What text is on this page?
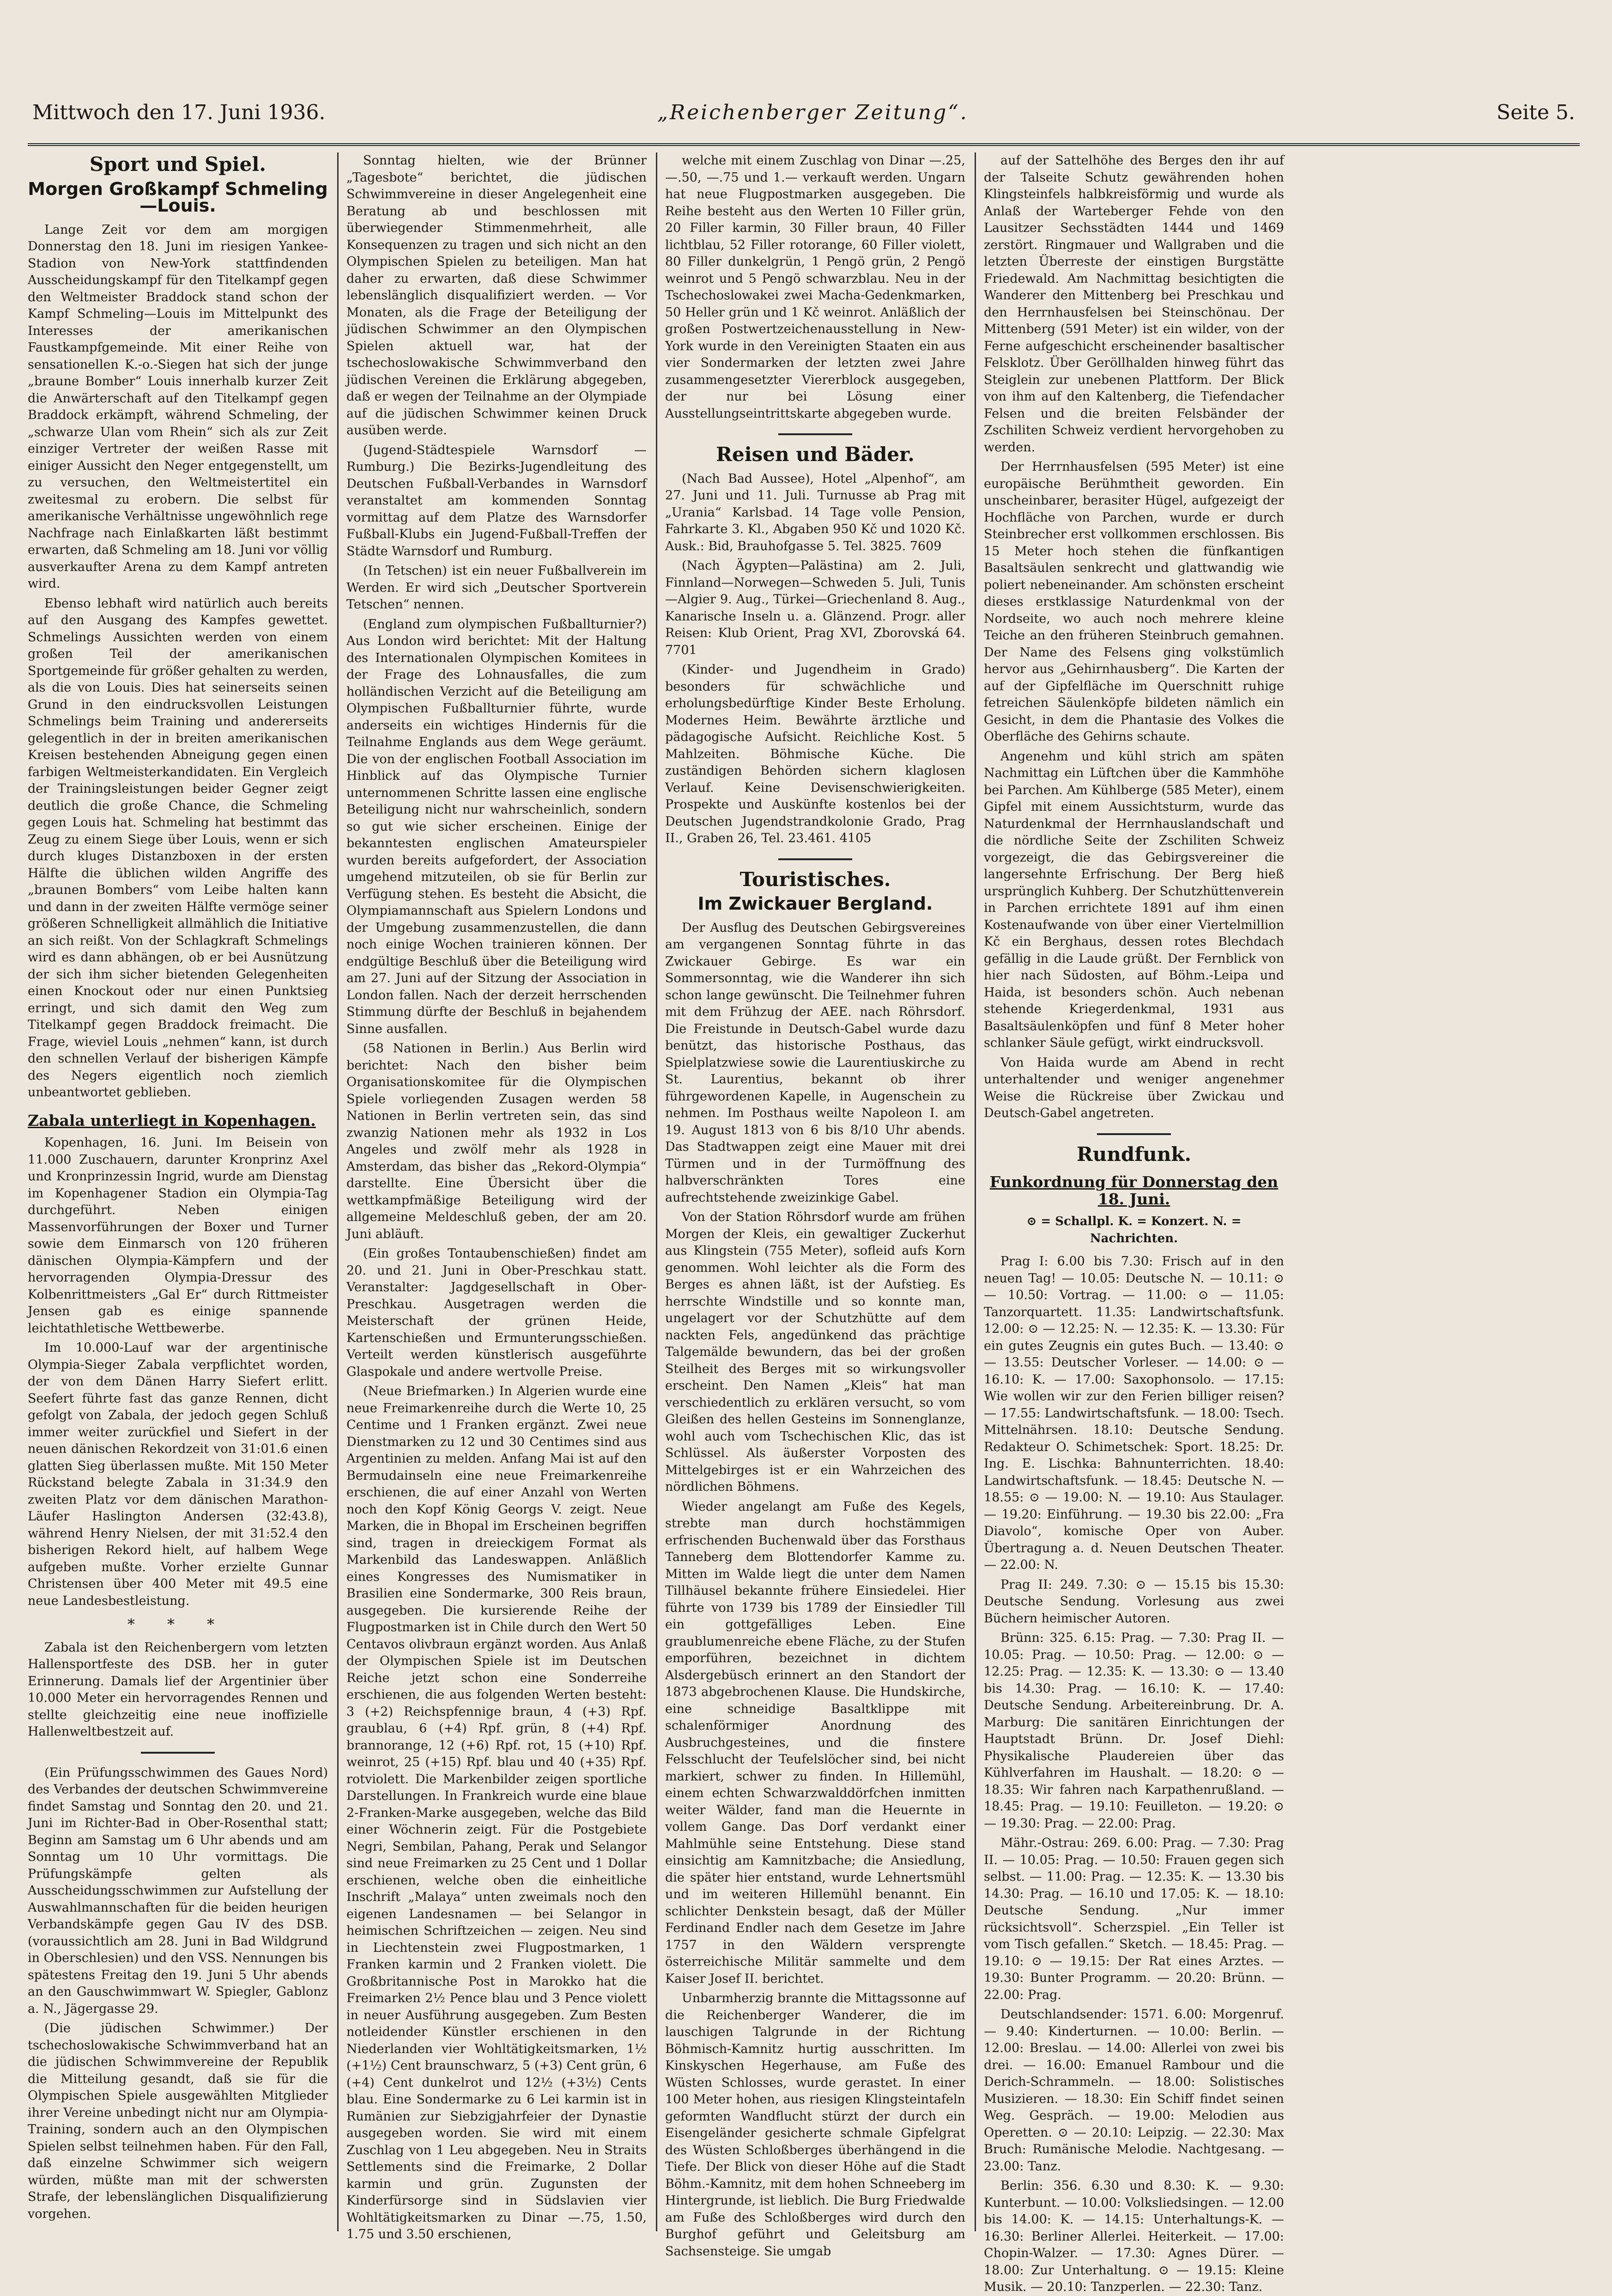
Mittwoch den 17. Juni 1936.	„Reichenberger Zeitung“.	Seite 5.
Sport und Spiel.
Morgen Großkampf Schmeling—Louis.

Lange Zeit vor dem am morgigen Donnerstag den 18. Juni im riesigen Yankee-Stadion von New-York stattfindenden Ausscheidungskampf für den Titelkampf gegen den Weltmeister Braddock stand schon der Kampf Schmeling—Louis im Mittelpunkt des Interesses der amerikanischen Faustkampfgemeinde. Mit einer Reihe von sensationellen K.-o.-Siegen hat sich der junge „braune Bomber“ Louis innerhalb kurzer Zeit die Anwärterschaft auf den Titelkampf gegen Braddock erkämpft, während Schmeling, der „schwarze Ulan vom Rhein“ sich als zur Zeit einziger Vertreter der weißen Rasse mit einiger Aussicht den Neger entgegenstellt, um zu versuchen, den Weltmeistertitel ein zweitesmal zu erobern. Die selbst für amerikanische Verhältnisse ungewöhnlich rege Nachfrage nach Einlaßkarten läßt bestimmt erwarten, daß Schmeling am 18. Juni vor völlig ausverkaufter Arena zu dem Kampf antreten wird.

Ebenso lebhaft wird natürlich auch bereits auf den Ausgang des Kampfes gewettet. Schmelings Aussichten werden von einem großen Teil der amerikanischen Sportgemeinde für größer gehalten zu werden, als die von Louis. Dies hat seinerseits seinen Grund in den eindrucksvollen Leistungen Schmelings beim Training und andererseits gelegentlich in der in breiten amerikanischen Kreisen bestehenden Abneigung gegen einen farbigen Weltmeisterkandidaten. Ein Vergleich der Trainingsleistungen beider Gegner zeigt deutlich die große Chance, die Schmeling gegen Louis hat. Schmeling hat bestimmt das Zeug zu einem Siege über Louis, wenn er sich durch kluges Distanzboxen in der ersten Hälfte die üblichen wilden Angriffe des „braunen Bombers“ vom Leibe halten kann und dann in der zweiten Hälfte vermöge seiner größeren Schnelligkeit allmählich die Initiative an sich reißt. Von der Schlagkraft Schmelings wird es dann abhängen, ob er bei Ausnützung der sich ihm sicher bietenden Gelegenheiten einen Knockout oder nur einen Punktsieg erringt, und sich damit den Weg zum Titelkampf gegen Braddock freimacht. Die Frage, wieviel Louis „nehmen“ kann, ist durch den schnellen Verlauf der bisherigen Kämpfe des Negers eigentlich noch ziemlich unbeantwortet geblieben.

Zabala unterliegt in Kopenhagen.

Kopenhagen, 16. Juni. Im Beisein von 11.000 Zuschauern, darunter Kronprinz Axel und Kronprinzessin Ingrid, wurde am Dienstag im Kopenhagener Stadion ein Olympia-Tag durchgeführt. Neben einigen Massenvorführungen der Boxer und Turner sowie dem Einmarsch von 120 früheren dänischen Olympia-Kämpfern und der hervorragenden Olympia-Dressur des Kolbenrittmeisters „Gal Er“ durch Rittmeister Jensen gab es einige spannende leichtathletische Wettbewerbe.

Im 10.000-Lauf war der argentinische Olympia-Sieger Zabala verpflichtet worden, der von dem Dänen Harry Siefert erlitt. Seefert führte fast das ganze Rennen, dicht gefolgt von Zabala, der jedoch gegen Schluß immer weiter zurückfiel und Siefert in der neuen dänischen Rekordzeit von 31:01.6 einen glatten Sieg überlassen mußte. Mit 150 Meter Rückstand belegte Zabala in 31:34.9 den zweiten Platz vor dem dänischen Marathon-Läufer Haslington Andersen (32:43.8), während Henry Nielsen, der mit 31:52.4 den bisherigen Rekord hielt, auf halbem Wege aufgeben mußte. Vorher erzielte Gunnar Christensen über 400 Meter mit 49.5 eine neue Landesbestleistung.

* * *

Zabala ist den Reichenbergern vom letzten Hallensportfeste des DSB. her in guter Erinnerung. Damals lief der Argentinier über 10.000 Meter ein hervorragendes Rennen und stellte gleichzeitig eine neue inoffizielle Hallenweltbestzeit auf.

(Ein Prüfungsschwimmen des Gaues Nord) des Verbandes der deutschen Schwimmvereine findet Samstag und Sonntag den 20. und 21. Juni im Richter-Bad in Ober-Rosenthal statt; Beginn am Samstag um 6 Uhr abends und am Sonntag um 10 Uhr vormittags. Die Prüfungskämpfe gelten als Ausscheidungsschwimmen zur Aufstellung der Auswahlmannschaften für die beiden heurigen Verbandskämpfe gegen Gau IV des DSB. (voraussichtlich am 28. Juni in Bad Wildgrund in Oberschlesien) und den VSS. Nennungen bis spätestens Freitag den 19. Juni 5 Uhr abends an den Gauschwimmwart W. Spiegler, Gablonz a. N., Jägergasse 29.

(Die jüdischen Schwimmer.) Der tschechoslowakische Schwimmverband hat an die jüdischen Schwimmvereine der Republik die Mitteilung gesandt, daß sie für die Olympischen Spiele ausgewählten Mitglieder ihrer Vereine unbedingt nicht nur am Olympia-Training, sondern auch an den Olympischen Spielen selbst teilnehmen haben. Für den Fall, daß einzelne Schwimmer sich weigern würden, müßte man mit der schwersten Strafe, der lebenslänglichen Disqualifizierung vorgehen.

Sonntag hielten, wie der Brünner „Tagesbote“ berichtet, die jüdischen Schwimmvereine in dieser Angelegenheit eine Beratung ab und beschlossen mit überwiegender Stimmenmehrheit, alle Konsequenzen zu tragen und sich nicht an den Olympischen Spielen zu beteiligen. Man hat daher zu erwarten, daß diese Schwimmer lebenslänglich disqualifiziert werden. — Vor Monaten, als die Frage der Beteiligung der jüdischen Schwimmer an den Olympischen Spielen aktuell war, hat der tschechoslowakische Schwimmverband den jüdischen Vereinen die Erklärung abgegeben, daß er wegen der Teilnahme an der Olympiade auf die jüdischen Schwimmer keinen Druck ausüben werde.

(Jugend-Städtespiele Warnsdorf — Rumburg.) Die Bezirks-Jugendleitung des Deutschen Fußball-Verbandes in Warnsdorf veranstaltet am kommenden Sonntag vormittag auf dem Platze des Warnsdorfer Fußball-Klubs ein Jugend-Fußball-Treffen der Städte Warnsdorf und Rumburg.

(In Tetschen) ist ein neuer Fußballverein im Werden. Er wird sich „Deutscher Sportverein Tetschen“ nennen.

(England zum olympischen Fußballturnier?) Aus London wird berichtet: Mit der Haltung des Internationalen Olympischen Komitees in der Frage des Lohnausfalles, die zum holländischen Verzicht auf die Beteiligung am Olympischen Fußballturnier führte, wurde anderseits ein wichtiges Hindernis für die Teilnahme Englands aus dem Wege geräumt. Die von der englischen Football Association im Hinblick auf das Olympische Turnier unternommenen Schritte lassen eine englische Beteiligung nicht nur wahrscheinlich, sondern so gut wie sicher erscheinen. Einige der bekanntesten englischen Amateurspieler wurden bereits aufgefordert, der Association umgehend mitzuteilen, ob sie für Berlin zur Verfügung stehen. Es besteht die Absicht, die Olympiamannschaft aus Spielern Londons und der Umgebung zusammenzustellen, die dann noch einige Wochen trainieren können. Der endgültige Beschluß über die Beteiligung wird am 27. Juni auf der Sitzung der Association in London fallen. Nach der derzeit herrschenden Stimmung dürfte der Beschluß in bejahendem Sinne ausfallen.

(58 Nationen in Berlin.) Aus Berlin wird berichtet: Nach den bisher beim Organisationskomitee für die Olympischen Spiele vorliegenden Zusagen werden 58 Nationen in Berlin vertreten sein, das sind zwanzig Nationen mehr als 1932 in Los Angeles und zwölf mehr als 1928 in Amsterdam, das bisher das „Rekord-Olympia“ darstellte. Eine Übersicht über die wettkampfmäßige Beteiligung wird der allgemeine Meldeschluß geben, der am 20. Juni abläuft.

(Ein großes Tontaubenschießen) findet am 20. und 21. Juni in Ober-Preschkau statt. Veranstalter: Jagdgesellschaft in Ober-Preschkau. Ausgetragen werden die Meisterschaft der grünen Heide, Kartenschießen und Ermunterungsschießen. Verteilt werden künstlerisch ausgeführte Glaspokale und andere wertvolle Preise.

(Neue Briefmarken.) In Algerien wurde eine neue Freimarkenreihe durch die Werte 10, 25 Centime und 1 Franken ergänzt. Zwei neue Dienstmarken zu 12 und 30 Centimes sind aus Argentinien zu melden. Anfang Mai ist auf den Bermudainseln eine neue Freimarkenreihe erschienen, die auf einer Anzahl von Werten noch den Kopf König Georgs V. zeigt. Neue Marken, die in Bhopal im Erscheinen begriffen sind, tragen in dreieckigem Format als Markenbild das Landeswappen. Anläßlich eines Kongresses des Numismatiker in Brasilien eine Sondermarke, 300 Reis braun, ausgegeben. Die kursierende Reihe der Flugpostmarken ist in Chile durch den Wert 50 Centavos olivbraun ergänzt worden. Aus Anlaß der Olympischen Spiele ist im Deutschen Reiche jetzt schon eine Sonderreihe erschienen, die aus folgenden Werten besteht: 3 (+2) Reichspfennige braun, 4 (+3) Rpf. graublau, 6 (+4) Rpf. grün, 8 (+4) Rpf. brannorange, 12 (+6) Rpf. rot, 15 (+10) Rpf. weinrot, 25 (+15) Rpf. blau und 40 (+35) Rpf. rotviolett. Die Markenbilder zeigen sportliche Darstellungen. In Frankreich wurde eine blaue 2-Franken-Marke ausgegeben, welche das Bild einer Wöchnerin zeigt. Für die Postgebiete Negri, Sembilan, Pahang, Perak und Selangor sind neue Freimarken zu 25 Cent und 1 Dollar erschienen, welche oben die einheitliche Inschrift „Malaya“ unten zweimals noch den eigenen Landesnamen — bei Selangor in heimischen Schriftzeichen — zeigen. Neu sind in Liechtenstein zwei Flugpostmarken, 1 Franken karmin und 2 Franken violett. Die Großbritannische Post in Marokko hat die Freimarken 2½ Pence blau und 3 Pence violett in neuer Ausführung ausgegeben. Zum Besten notleidender Künstler erschienen in den Niederlanden vier Wohltätigkeitsmarken, 1½ (+1½) Cent braunschwarz, 5 (+3) Cent grün, 6 (+4) Cent dunkelrot und 12½ (+3½) Cents blau. Eine Sondermarke zu 6 Lei karmin ist in Rumänien zur Siebzigjahrfeier der Dynastie ausgegeben worden. Sie wird mit einem Zuschlag von 1 Leu abgegeben. Neu in Straits Settlements sind die Freimarke, 2 Dollar karmin und grün. Zugunsten der Kinderfürsorge sind in Südslavien vier Wohltätigkeitsmarken zu Dinar —.75, 1.50, 1.75 und 3.50 erschienen,

welche mit einem Zuschlag von Dinar —.25, —.50, —.75 und 1.— verkauft werden. Ungarn hat neue Flugpostmarken ausgegeben. Die Reihe besteht aus den Werten 10 Filler grün, 20 Filler karmin, 30 Filler braun, 40 Filler lichtblau, 52 Filler rotorange, 60 Filler violett, 80 Filler dunkelgrün, 1 Pengö grün, 2 Pengö weinrot und 5 Pengö schwarzblau. Neu in der Tschechoslowakei zwei Macha-Gedenkmarken, 50 Heller grün und 1 Kč weinrot. Anläßlich der großen Postwertzeichenausstellung in New-York wurde in den Vereinigten Staaten ein aus vier Sondermarken der letzten zwei Jahre zusammengesetzter Viererblock ausgegeben, der nur bei Lösung einer Ausstellungseintrittskarte abgegeben wurde.

Reisen und Bäder.

(Nach Bad Aussee), Hotel „Alpenhof“, am 27. Juni und 11. Juli. Turnusse ab Prag mit „Urania“ Karlsbad. 14 Tage volle Pension, Fahrkarte 3. Kl., Abgaben 950 Kč und 1020 Kč. Ausk.: Bid, Brauhofgasse 5. Tel. 3825. 7609

(Nach Ägypten—Palästina) am 2. Juli, Finnland—Norwegen—Schweden 5. Juli, Tunis —Algier 9. Aug., Türkei—Griechenland 8. Aug., Kanarische Inseln u. a. Glänzend. Progr. aller Reisen: Klub Orient, Prag XVI, Zborovská 64. 7701

(Kinder- und Jugendheim in Grado) besonders für schwächliche und erholungsbedürftige Kinder Beste Erholung. Modernes Heim. Bewährte ärztliche und pädagogische Aufsicht. Reichliche Kost. 5 Mahlzeiten. Böhmische Küche. Die zuständigen Behörden sichern klaglosen Verlauf. Keine Devisenschwierigkeiten. Prospekte und Auskünfte kostenlos bei der Deutschen Jugendstrandkolonie Grado, Prag II., Graben 26, Tel. 23.461. 4105

Touristisches.
Im Zwickauer Bergland.

Der Ausflug des Deutschen Gebirgsvereines am vergangenen Sonntag führte in das Zwickauer Gebirge. Es war ein Sommersonntag, wie die Wanderer ihn sich schon lange gewünscht. Die Teilnehmer fuhren mit dem Frühzug der AEE. nach Röhrsdorf. Die Freistunde in Deutsch-Gabel wurde dazu benützt, das historische Posthaus, das Spielplatzwiese sowie die Laurentiuskirche zu St. Laurentius, bekannt ob ihrer führgewordenen Kapelle, in Augenschein zu nehmen. Im Posthaus weilte Napoleon I. am 19. August 1813 von 6 bis 8/10 Uhr abends. Das Stadtwappen zeigt eine Mauer mit drei Türmen und in der Turmöffnung des halbverschränkten Tores eine aufrechtstehende zweizinkige Gabel.

Von der Station Röhrsdorf wurde am frühen Morgen der Kleis, ein gewaltiger Zuckerhut aus Klingstein (755 Meter), sofleid aufs Korn genommen. Wohl leichter als die Form des Berges es ahnen läßt, ist der Aufstieg. Es herrschte Windstille und so konnte man, ungelagert vor der Schutzhütte auf dem nackten Fels, angedünkend das prächtige Talgemälde bewundern, das bei der großen Steilheit des Berges mit so wirkungsvoller erscheint. Den Namen „Kleis“ hat man verschiedentlich zu erklären versucht, so vom Gleißen des hellen Gesteins im Sonnenglanze, wohl auch vom Tschechischen Klic, das ist Schlüssel. Als äußerster Vorposten des Mittelgebirges ist er ein Wahrzeichen des nördlichen Böhmens.

Wieder angelangt am Fuße des Kegels, strebte man durch hochstämmigen erfrischenden Buchenwald über das Forsthaus Tanneberg dem Blottendorfer Kamme zu. Mitten im Walde liegt die unter dem Namen Tillhäusel bekannte frühere Einsiedelei. Hier führte von 1739 bis 1789 der Einsiedler Till ein gottgefälliges Leben. Eine graublumenreiche ebene Fläche, zu der Stufen emporführen, bezeichnet in dichtem Alsdergebüsch erinnert an den Standort der 1873 abgebrochenen Klause. Die Hundskirche, eine schneidige Basaltklippe mit schalenförmiger Anordnung des Ausbruchgesteines, und die finstere Felsschlucht der Teufelslöcher sind, bei nicht markiert, schwer zu finden. In Hillemühl, einem echten Schwarzwalddörfchen inmitten weiter Wälder, fand man die Heuernte in vollem Gange. Das Dorf verdankt einer Mahlmühle seine Entstehung. Diese stand einsichtig am Kamnitzbache; die Ansiedlung, die später hier entstand, wurde Lehnertsmühl und im weiteren Hillemühl benannt. Ein schlichter Denkstein besagt, daß der Müller Ferdinand Endler nach dem Gesetze im Jahre 1757 in den Wäldern versprengte österreichische Militär sammelte und dem Kaiser Josef II. berichtet.

Unbarmherzig brannte die Mittagssonne auf die Reichenberger Wanderer, die im lauschigen Talgrunde in der Richtung Böhmisch-Kamnitz hurtig ausschritten. Im Kinskyschen Hegerhause, am Fuße des Wüsten Schlosses, wurde gerastet. In einer 100 Meter hohen, aus riesigen Klingsteintafeln geformten Wandflucht stürzt der durch ein Eisengeländer gesicherte schmale Gipfelgrat des Wüsten Schloßberges überhängend in die Tiefe. Der Blick von dieser Höhe auf die Stadt Böhm.-Kamnitz, mit dem hohen Schneeberg im Hintergrunde, ist lieblich. Die Burg Friedwalde am Fuße des Schloßberges wird durch den Burghof geführt und Geleitsburg am Sachsensteige. Sie umgab

auf der Sattelhöhe des Berges den ihr auf der Talseite Schutz gewährenden hohen Klingsteinfels halbkreisförmig und wurde als Anlaß der Warteberger Fehde von den Lausitzer Sechsstädten 1444 und 1469 zerstört. Ringmauer und Wallgraben und die letzten Überreste der einstigen Burgstätte Friedewald. Am Nachmittag besichtigten die Wanderer den Mittenberg bei Preschkau und den Herrnhausfelsen bei Steinschönau. Der Mittenberg (591 Meter) ist ein wilder, von der Ferne aufgeschicht erscheinender basaltischer Felsklotz. Über Geröllhalden hinweg führt das Steiglein zur unebenen Plattform. Der Blick von ihm auf den Kaltenberg, die Tiefendacher Felsen und die breiten Felsbänder der Zschiliten Schweiz verdient hervorgehoben zu werden.

Der Herrnhausfelsen (595 Meter) ist eine europäische Berühmtheit geworden. Ein unscheinbarer, berasiter Hügel, aufgezeigt der Hochfläche von Parchen, wurde er durch Steinbrecher erst vollkommen erschlossen. Bis 15 Meter hoch stehen die fünfkantigen Basaltsäulen senkrecht und glattwandig wie poliert nebeneinander. Am schönsten erscheint dieses erstklassige Naturdenkmal von der Nordseite, wo auch noch mehrere kleine Teiche an den früheren Steinbruch gemahnen. Der Name des Felsens ging volkstümlich hervor aus „Gehirnhausberg“. Die Karten der auf der Gipfelfläche im Querschnitt ruhige fetreichen Säulenköpfe bildeten nämlich ein Gesicht, in dem die Phantasie des Volkes die Oberfläche des Gehirns schaute.

Angenehm und kühl strich am späten Nachmittag ein Lüftchen über die Kammhöhe bei Parchen. Am Kühlberge (585 Meter), einem Gipfel mit einem Aussichtsturm, wurde das Naturdenkmal der Herrnhauslandschaft und die nördliche Seite der Zschiliten Schweiz vorgezeigt, die das Gebirgsvereiner die langersehnte Erfrischung. Der Berg hieß ursprünglich Kuhberg. Der Schutzhüttenverein in Parchen errichtete 1891 auf ihm einen Kostenaufwande von über einer Viertelmillion Kč ein Berghaus, dessen rotes Blechdach gefällig in die Laude grüßt. Der Fernblick von hier nach Südosten, auf Böhm.-Leipa und Haida, ist besonders schön. Auch nebenan stehende Kriegerdenkmal, 1931 aus Basaltsäulenköpfen und fünf 8 Meter hoher schlanker Säule gefügt, wirkt eindrucksvoll.

Von Haida wurde am Abend in recht unterhaltender und weniger angenehmer Weise die Rückreise über Zwickau und Deutsch-Gabel angetreten.

Rundfunk.
Funkordnung für Donnerstag den 18. Juni.
⊙ = Schallpl. K. = Konzert. N. = Nachrichten.

Prag I: 6.00 bis 7.30: Frisch auf in den neuen Tag! — 10.05: Deutsche N. — 10.11: ⊙ — 10.50: Vortrag. — 11.00: ⊙ — 11.05: Tanzorquartett. 11.35: Landwirtschaftsfunk. 12.00: ⊙ — 12.25: N. — 12.35: K. — 13.30: Für ein gutes Zeugnis ein gutes Buch. — 13.40: ⊙ — 13.55: Deutscher Vorleser. — 14.00: ⊙ — 16.10: K. — 17.00: Saxophonsolo. — 17.15: Wie wollen wir zur den Ferien billiger reisen? — 17.55: Landwirtschaftsfunk. — 18.00: Tsech. Mittelnährsen. 18.10: Deutsche Sendung. Redakteur O. Schimetschek: Sport. 18.25: Dr. Ing. E. Lischka: Bahnunterrichten. 18.40: Landwirtschaftsfunk. — 18.45: Deutsche N. — 18.55: ⊙ — 19.00: N. — 19.10: Aus Staulager. — 19.20: Einführung. — 19.30 bis 22.00: „Fra Diavolo“, komische Oper von Auber. Übertragung a. d. Neuen Deutschen Theater. — 22.00: N.

Prag II: 249. 7.30: ⊙ — 15.15 bis 15.30: Deutsche Sendung. Vorlesung aus zwei Büchern heimischer Autoren.

Brünn: 325. 6.15: Prag. — 7.30: Prag II. — 10.05: Prag. — 10.50: Prag. — 12.00: ⊙ — 12.25: Prag. — 12.35: K. — 13.30: ⊙ — 13.40 bis 14.30: Prag. — 16.10: K. — 17.40: Deutsche Sendung. Arbeitereinbrung. Dr. A. Marburg: Die sanitären Einrichtungen der Hauptstadt Brünn. Dr. Josef Diehl: Physikalische Plaudereien über das Kühlverfahren im Haushalt. — 18.20: ⊙ — 18.35: Wir fahren nach Karpathenrußland. — 18.45: Prag. — 19.10: Feuilleton. — 19.20: ⊙ — 19.30: Prag. — 22.00: Prag.

Mähr.-Ostrau: 269. 6.00: Prag. — 7.30: Prag II. — 10.05: Prag. — 10.50: Frauen gegen sich selbst. — 11.00: Prag. — 12.35: K. — 13.30 bis 14.30: Prag. — 16.10 und 17.05: K. — 18.10: Deutsche Sendung. „Nur immer rücksichtsvoll“. Scherzspiel. „Ein Teller ist vom Tisch gefallen.“ Sketch. — 18.45: Prag. — 19.10: ⊙ — 19.15: Der Rat eines Arztes. — 19.30: Bunter Programm. — 20.20: Brünn. — 22.00: Prag.

Deutschlandsender: 1571. 6.00: Morgenruf. — 9.40: Kinderturnen. — 10.00: Berlin. — 12.00: Breslau. — 14.00: Allerlei von zwei bis drei. — 16.00: Emanuel Rambour und die Derich-Schrammeln. — 18.00: Solistisches Musizieren. — 18.30: Ein Schiff findet seinen Weg. Gespräch. — 19.00: Melodien aus Operetten. ⊙ — 20.10: Leipzig. — 22.30: Max Bruch: Rumänische Melodie. Nachtgesang. — 23.00: Tanz.

Berlin: 356. 6.30 und 8.30: K. — 9.30: Kunterbunt. — 10.00: Volksliedsingen. — 12.00 bis 14.00: K. — 14.15: Unterhaltungs-K. — 16.30: Berliner Allerlei. Heiterkeit. — 17.00: Chopin-Walzer. — 17.30: Agnes Dürer. — 18.00: Zur Unterhaltung. ⊙ — 19.15: Kleine Musik. — 20.10: Tanzperlen. — 22.30: Tanz.
